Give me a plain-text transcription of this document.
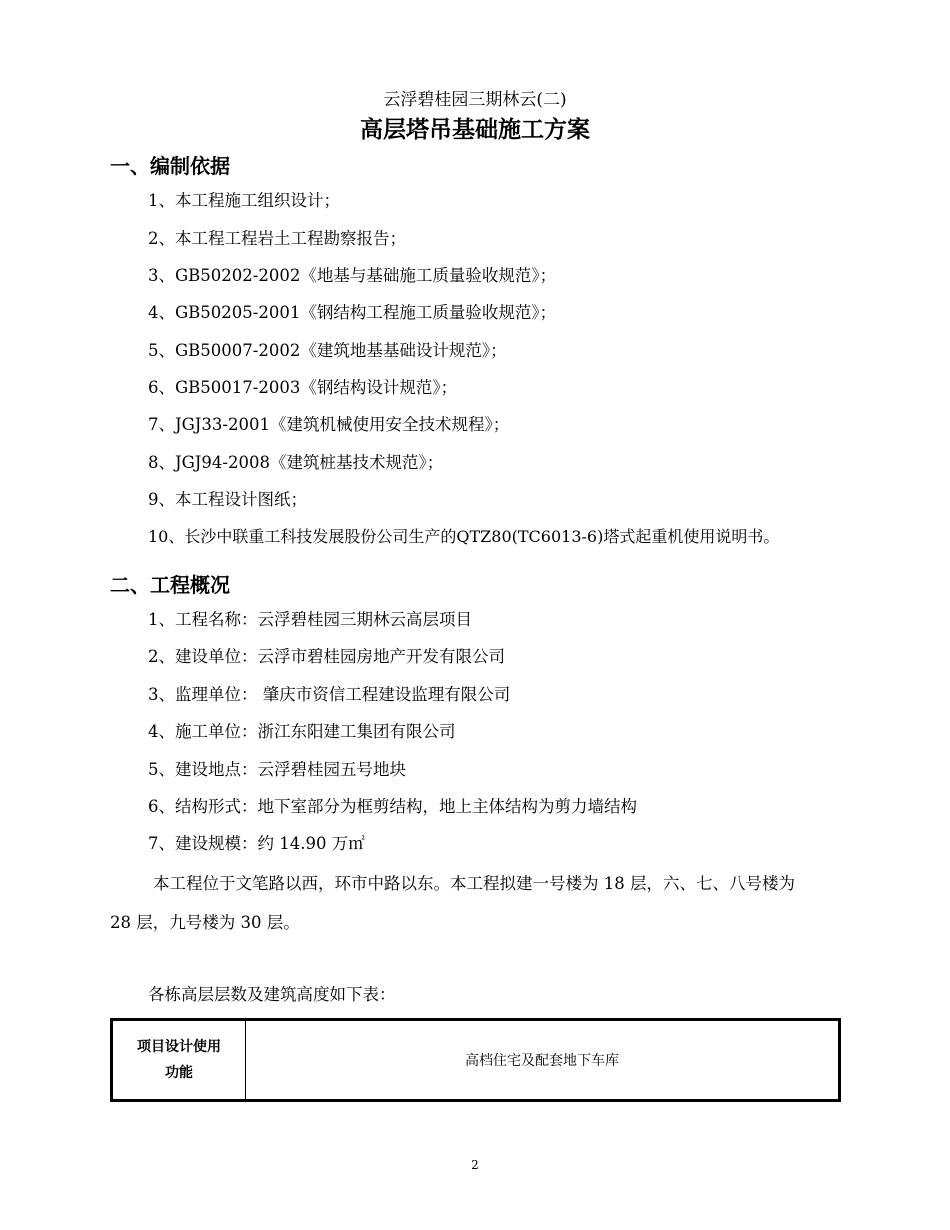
云浮碧桂园三期林云(二)
高层塔吊基础施工方案
一、编制依据
1、本工程施工组织设计；
2、本工程工程岩土工程勘察报告；
3、GB50202-2002《地基与基础施工质量验收规范》；
4、GB50205-2001《钢结构工程施工质量验收规范》；
5、GB50007-2002《建筑地基基础设计规范》；
6、GB50017-2003《钢结构设计规范》；
7、JGJ33-2001《建筑机械使用安全技术规程》；
8、JGJ94-2008《建筑桩基技术规范》；
9、本工程设计图纸；
10、长沙中联重工科技发展股份公司生产的QTZ80(TC6013-6)塔式起重机使用说明书。
二、工程概况
1、工程名称：云浮碧桂园三期林云高层项目
2、建设单位：云浮市碧桂园房地产开发有限公司
3、监理单位： 肇庆市资信工程建设监理有限公司
4、施工单位：浙江东阳建工集团有限公司
5、建设地点：云浮碧桂园五号地块
6、结构形式：地下室部分为框剪结构，地上主体结构为剪力墙结构
7、建设规模：约 14.90 万㎡
本工程位于文笔路以西，环市中路以东。本工程拟建一号楼为 18 层，六、七、八号楼为
28 层，九号楼为 30 层。
各栋高层层数及建筑高度如下表：
项目设计使用
功能
	高档住宅及配套地下车库
2
